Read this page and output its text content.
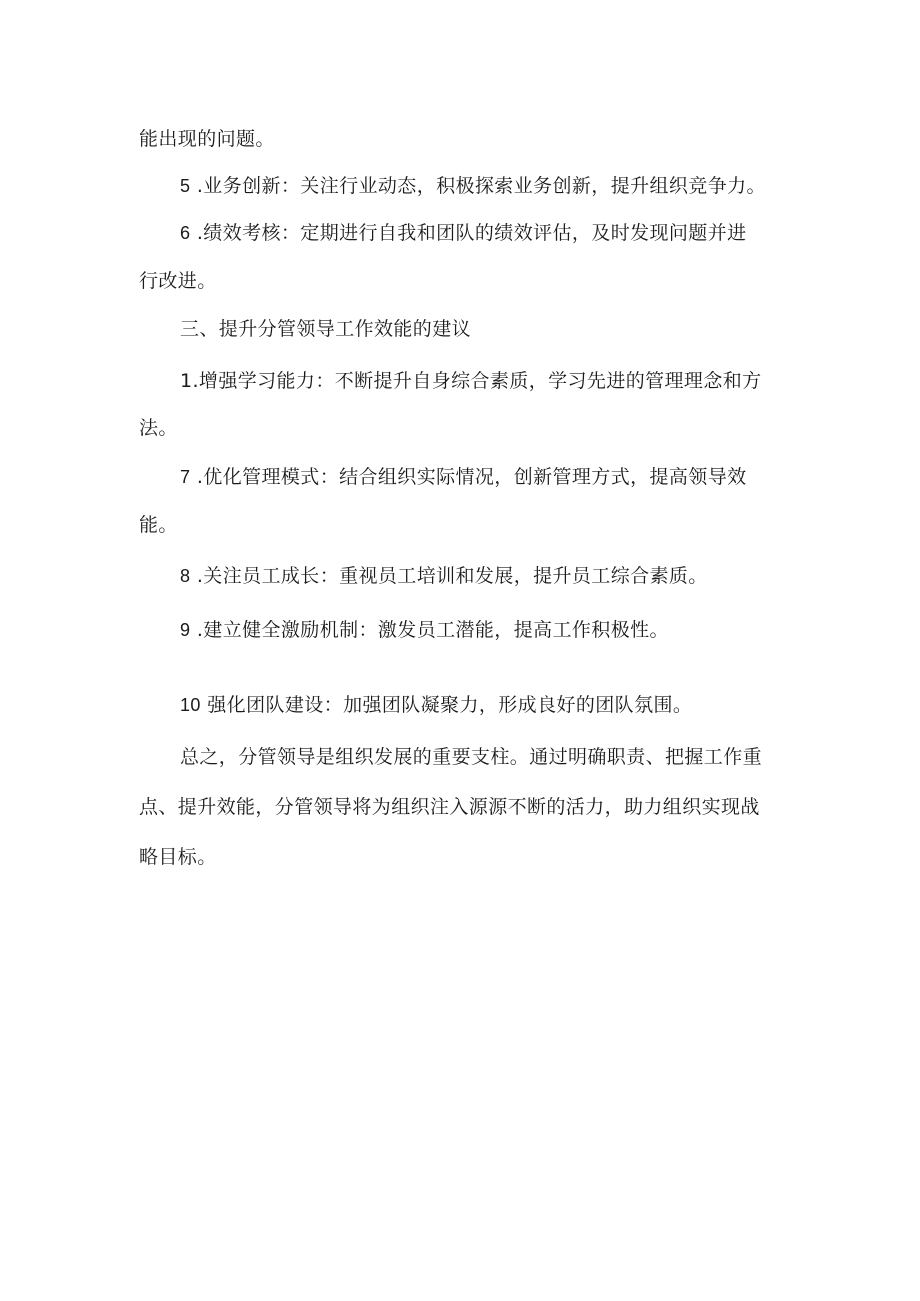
能出现的问题。
5 .业务创新：关注行业动态，积极探索业务创新，提升组织竞争力。
6 .绩效考核：定期进行自我和团队的绩效评估，及时发现问题并进
行改进。
三、提升分管领导工作效能的建议
1.增强学习能力：不断提升自身综合素质，学习先进的管理理念和方
法。
7 .优化管理模式：结合组织实际情况，创新管理方式，提高领导效
能。
8 .关注员工成长：重视员工培训和发展，提升员工综合素质。
9 .建立健全激励机制：激发员工潜能，提高工作积极性。
10 强化团队建设：加强团队凝聚力，形成良好的团队氛围。
总之，分管领导是组织发展的重要支柱。通过明确职责、把握工作重
点、提升效能，分管领导将为组织注入源源不断的活力，助力组织实现战
略目标。
